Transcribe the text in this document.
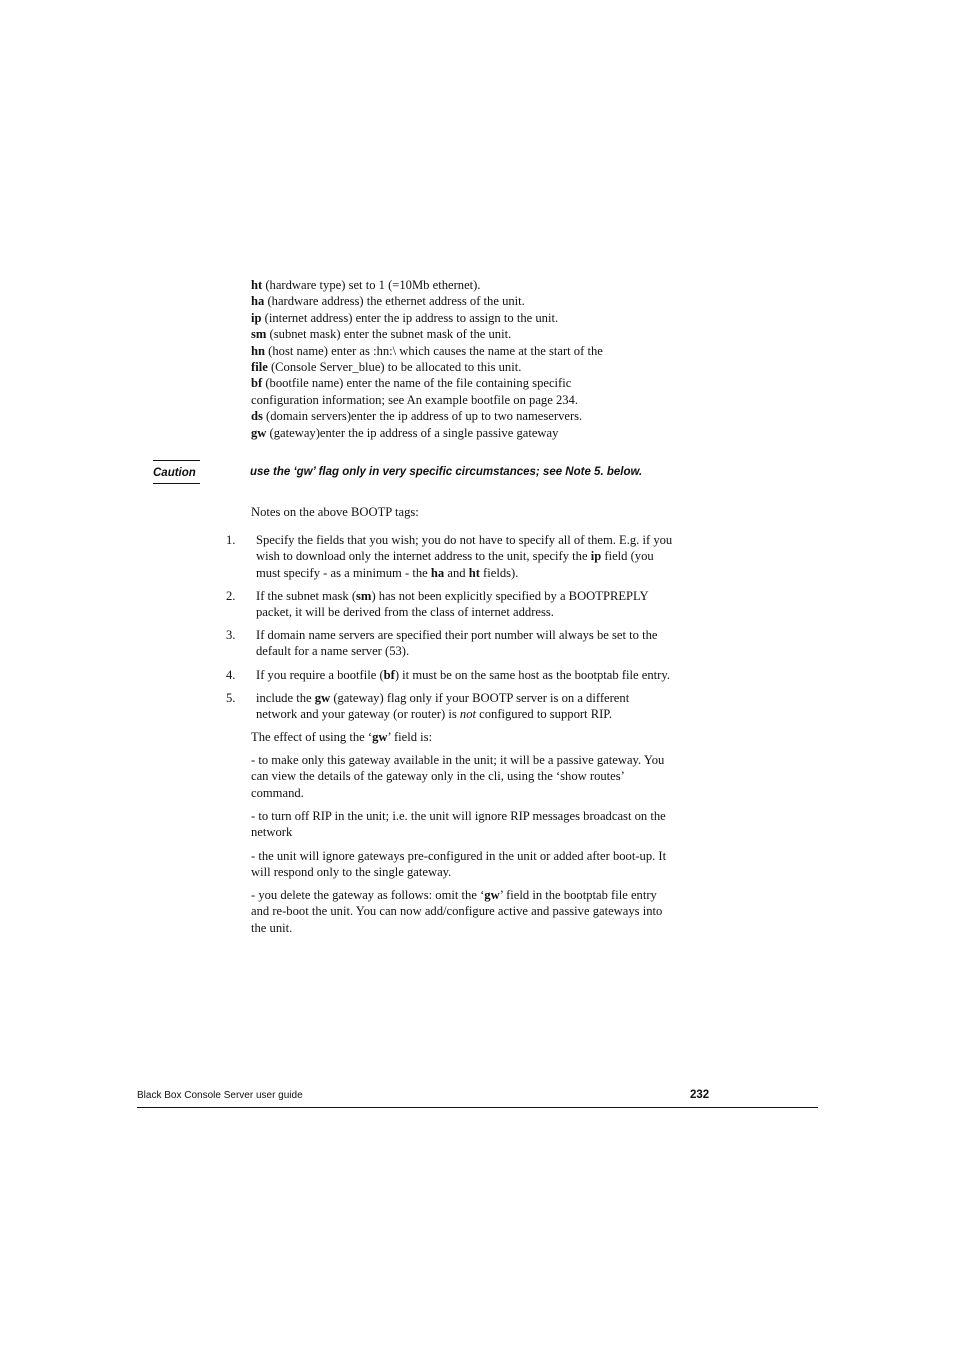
ht (hardware type) set to 1 (=10Mb ethernet).
ha (hardware address) the ethernet address of the unit.
ip (internet address) enter the ip address to assign to the unit.
sm (subnet mask) enter the subnet mask of the unit.
hn (host name) enter as :hn:\ which causes the name at the start of the
file (Console Server_blue) to be allocated to this unit.
bf (bootfile name) enter the name of the file containing specific
configuration information; see An example bootfile on page 234.
ds (domain servers)enter the ip address of up to two nameservers.
gw (gateway)enter the ip address of a single passive gateway
Caution	use the ‘gw’ flag only in very specific circumstances; see Note 5. below.
Notes on the above BOOTP tags:
1. Specify the fields that you wish; you do not have to specify all of them. E.g. if you
wish to download only the internet address to the unit, specify the ip field (you
must specify - as a minimum - the ha and ht fields).
2. If the subnet mask (sm) has not been explicitly specified by a BOOTPREPLY
packet, it will be derived from the class of internet address.
3. If domain name servers are specified their port number will always be set to the
default for a name server (53).
4. If you require a bootfile (bf) it must be on the same host as the bootptab file entry.
5. include the gw (gateway) flag only if your BOOTP server is on a different
network and your gateway (or router) is not configured to support RIP.
The effect of using the ‘gw’ field is:
- to make only this gateway available in the unit; it will be a passive gateway. You
can view the details of the gateway only in the cli, using the ‘show routes’
command.
- to turn off RIP in the unit; i.e. the unit will ignore RIP messages broadcast on the
network
- the unit will ignore gateways pre-configured in the unit or added after boot-up. It
will respond only to the single gateway.
- you delete the gateway as follows: omit the ‘gw’ field in the bootptab file entry
and re-boot the unit. You can now add/configure active and passive gateways into
the unit.
Black Box Console Server user guide	232
